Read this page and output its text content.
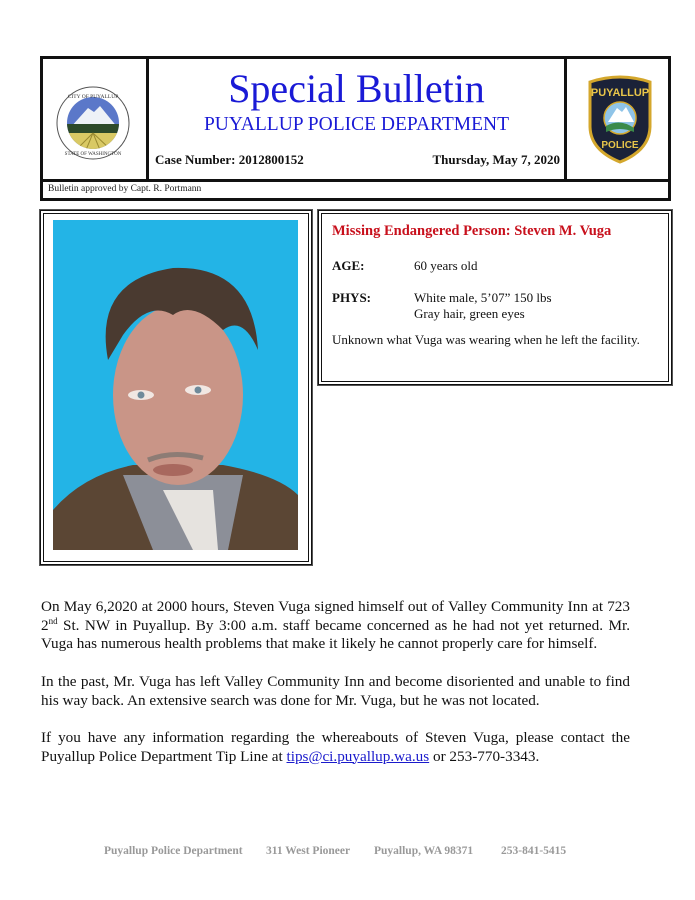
CITY OF PUYALLUP
STATE OF WASHINGTON
Special Bulletin
PUYALLUP POLICE DEPARTMENT
Case Number: 2012800152	Thursday, May 7, 2020
PUYALLUP
POLICE
Bulletin approved by Capt. R. Portmann
Missing Endangered Person: Steven M. Vuga
AGE:	60 years old
PHYS:	White male, 5’07” 150 lbs
Gray hair, green eyes
Unknown what Vuga was wearing when he left the facility.

On May 6,2020 at 2000 hours, Steven Vuga signed himself out of Valley Community Inn at 723 2nd St. NW in Puyallup. By 3:00 a.m. staff became concerned as he had not yet returned. Mr. Vuga has numerous health problems that make it likely he cannot properly care for himself.

In the past, Mr. Vuga has left Valley Community Inn and become disoriented and unable to find his way back. An extensive search was done for Mr. Vuga, but he was not located.

If you have any information regarding the whereabouts of Steven Vuga, please contact the Puyallup Police Department Tip Line at tips@ci.puyallup.wa.us or 253-770-3343.

Puyallup Police Department 311 West Pioneer Puyallup, WA 98371 253-841-5415
